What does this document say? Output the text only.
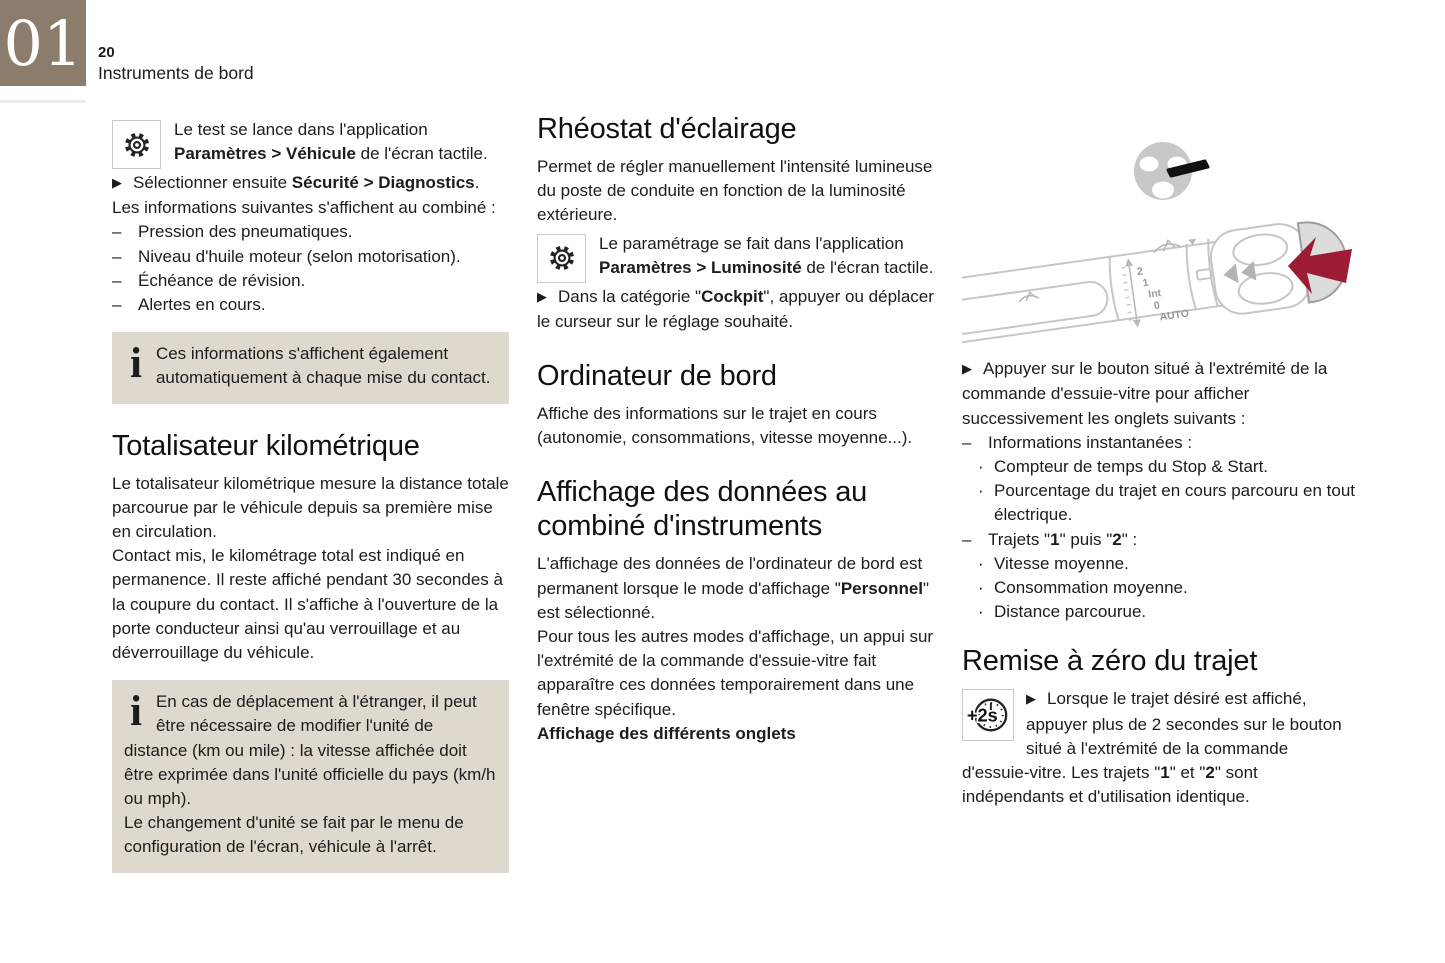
01 20
Instruments de bord

Le test se lance dans l'application Paramètres > Véhicule de l'écran tactile.

▶ Sélectionner ensuite Sécurité > Diagnostics.

Les informations suivantes s'affichent au combiné :

– Pression des pneumatiques.
– Niveau d'huile moteur (selon motorisation).
– Échéance de révision.
– Alertes en cours.
i Ces informations s'affichent également automatiquement à chaque mise du contact.

Totalisateur kilométrique

Le totalisateur kilométrique mesure la distance totale parcourue par le véhicule depuis sa première mise en circulation.

Contact mis, le kilométrage total est indiqué en permanence. Il reste affiché pendant 30 secondes à la coupure du contact. Il s'affiche à l'ouverture de la porte conducteur ainsi qu'au verrouillage et au déverrouillage du véhicule.

i En cas de déplacement à l'étranger, il peut être nécessaire de modifier l'unité de distance (km ou mile) : la vitesse affichée doit être exprimée dans l'unité officielle du pays (km/h ou mph).

Le changement d'unité se fait par le menu de configuration de l'écran, véhicule à l'arrêt.

Rhéostat d'éclairage

Permet de régler manuellement l'intensité lumineuse du poste de conduite en fonction de la luminosité extérieure.

Le paramétrage se fait dans l'application Paramètres > Luminosité de l'écran tactile.

▶ Dans la catégorie "Cockpit", appuyer ou déplacer le curseur sur le réglage souhaité.

Ordinateur de bord

Affiche des informations sur le trajet en cours (autonomie, consommations, vitesse moyenne...).

Affichage des données au combiné d'instruments

L'affichage des données de l'ordinateur de bord est permanent lorsque le mode d'affichage "Personnel" est sélectionné.

Pour tous les autres modes d'affichage, un appui sur l'extrémité de la commande d'essuie-vitre fait apparaître ces données temporairement dans une fenêtre spécifique.

Affichage des différents onglets

2
1
Int
0
AUTO

▶ Appuyer sur le bouton situé à l'extrémité de la commande d'essuie-vitre pour afficher successivement les onglets suivants :

– Informations instantanées :
· Compteur de temps du Stop & Start.
· Pourcentage du trajet en cours parcouru en tout électrique.
– Trajets "1" puis "2" :
· Vitesse moyenne.
· Consommation moyenne.
· Distance parcourue.
Remise à zéro du trajet
+2s

▶ Lorsque le trajet désiré est affiché, appuyer plus de 2 secondes sur le bouton situé à l'extrémité de la commande d'essuie-vitre. Les trajets "1" et "2" sont indépendants et d'utilisation identique.
